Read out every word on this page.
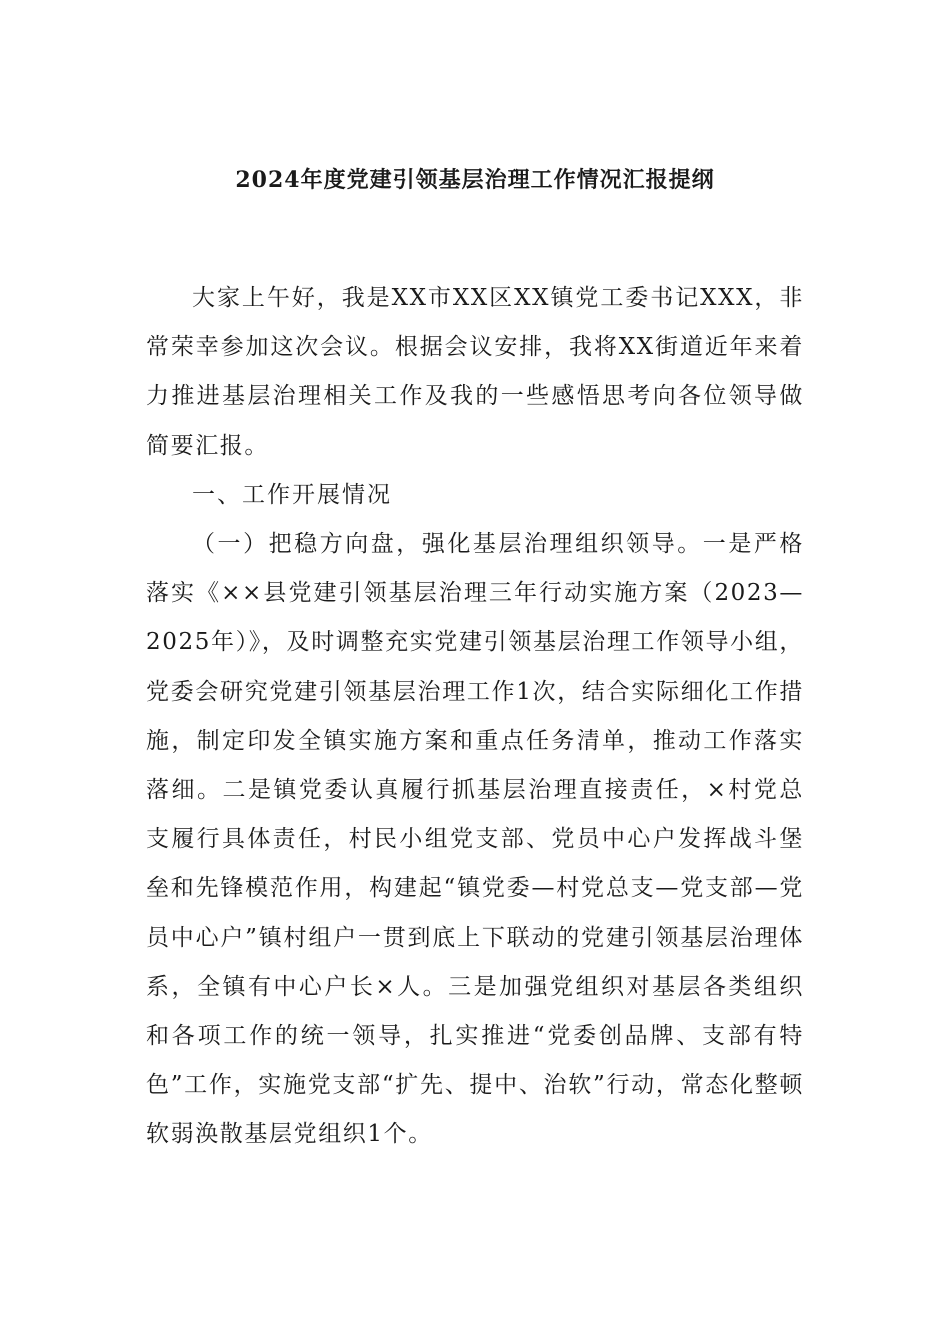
2024年度党建引领基层治理工作情况汇报提纲

大家上午好，我是XX市XX区XX镇党工委书记XXX，非常荣幸参加这次会议。根据会议安排，我将XX街道近年来着力推进基层治理相关工作及我的一些感悟思考向各位领导做简要汇报。

一、工作开展情况

（一）把稳方向盘，强化基层治理组织领导。一是严格落实《××县党建引领基层治理三年行动实施方案（2023—2025年）》，及时调整充实党建引领基层治理工作领导小组，党委会研究党建引领基层治理工作1次，结合实际细化工作措施，制定印发全镇实施方案和重点任务清单，推动工作落实落细。二是镇党委认真履行抓基层治理直接责任，×村党总支履行具体责任，村民小组党支部、党员中心户发挥战斗堡垒和先锋模范作用，构建起“镇党委—村党总支—党支部—党员中心户”镇村组户一贯到底上下联动的党建引领基层治理体系，全镇有中心户长×人。三是加强党组织对基层各类组织和各项工作的统一领导，扎实推进“党委创品牌、支部有特色”工作，实施党支部“扩先、提中、治软”行动，常态化整顿软弱涣散基层党组织1个。
